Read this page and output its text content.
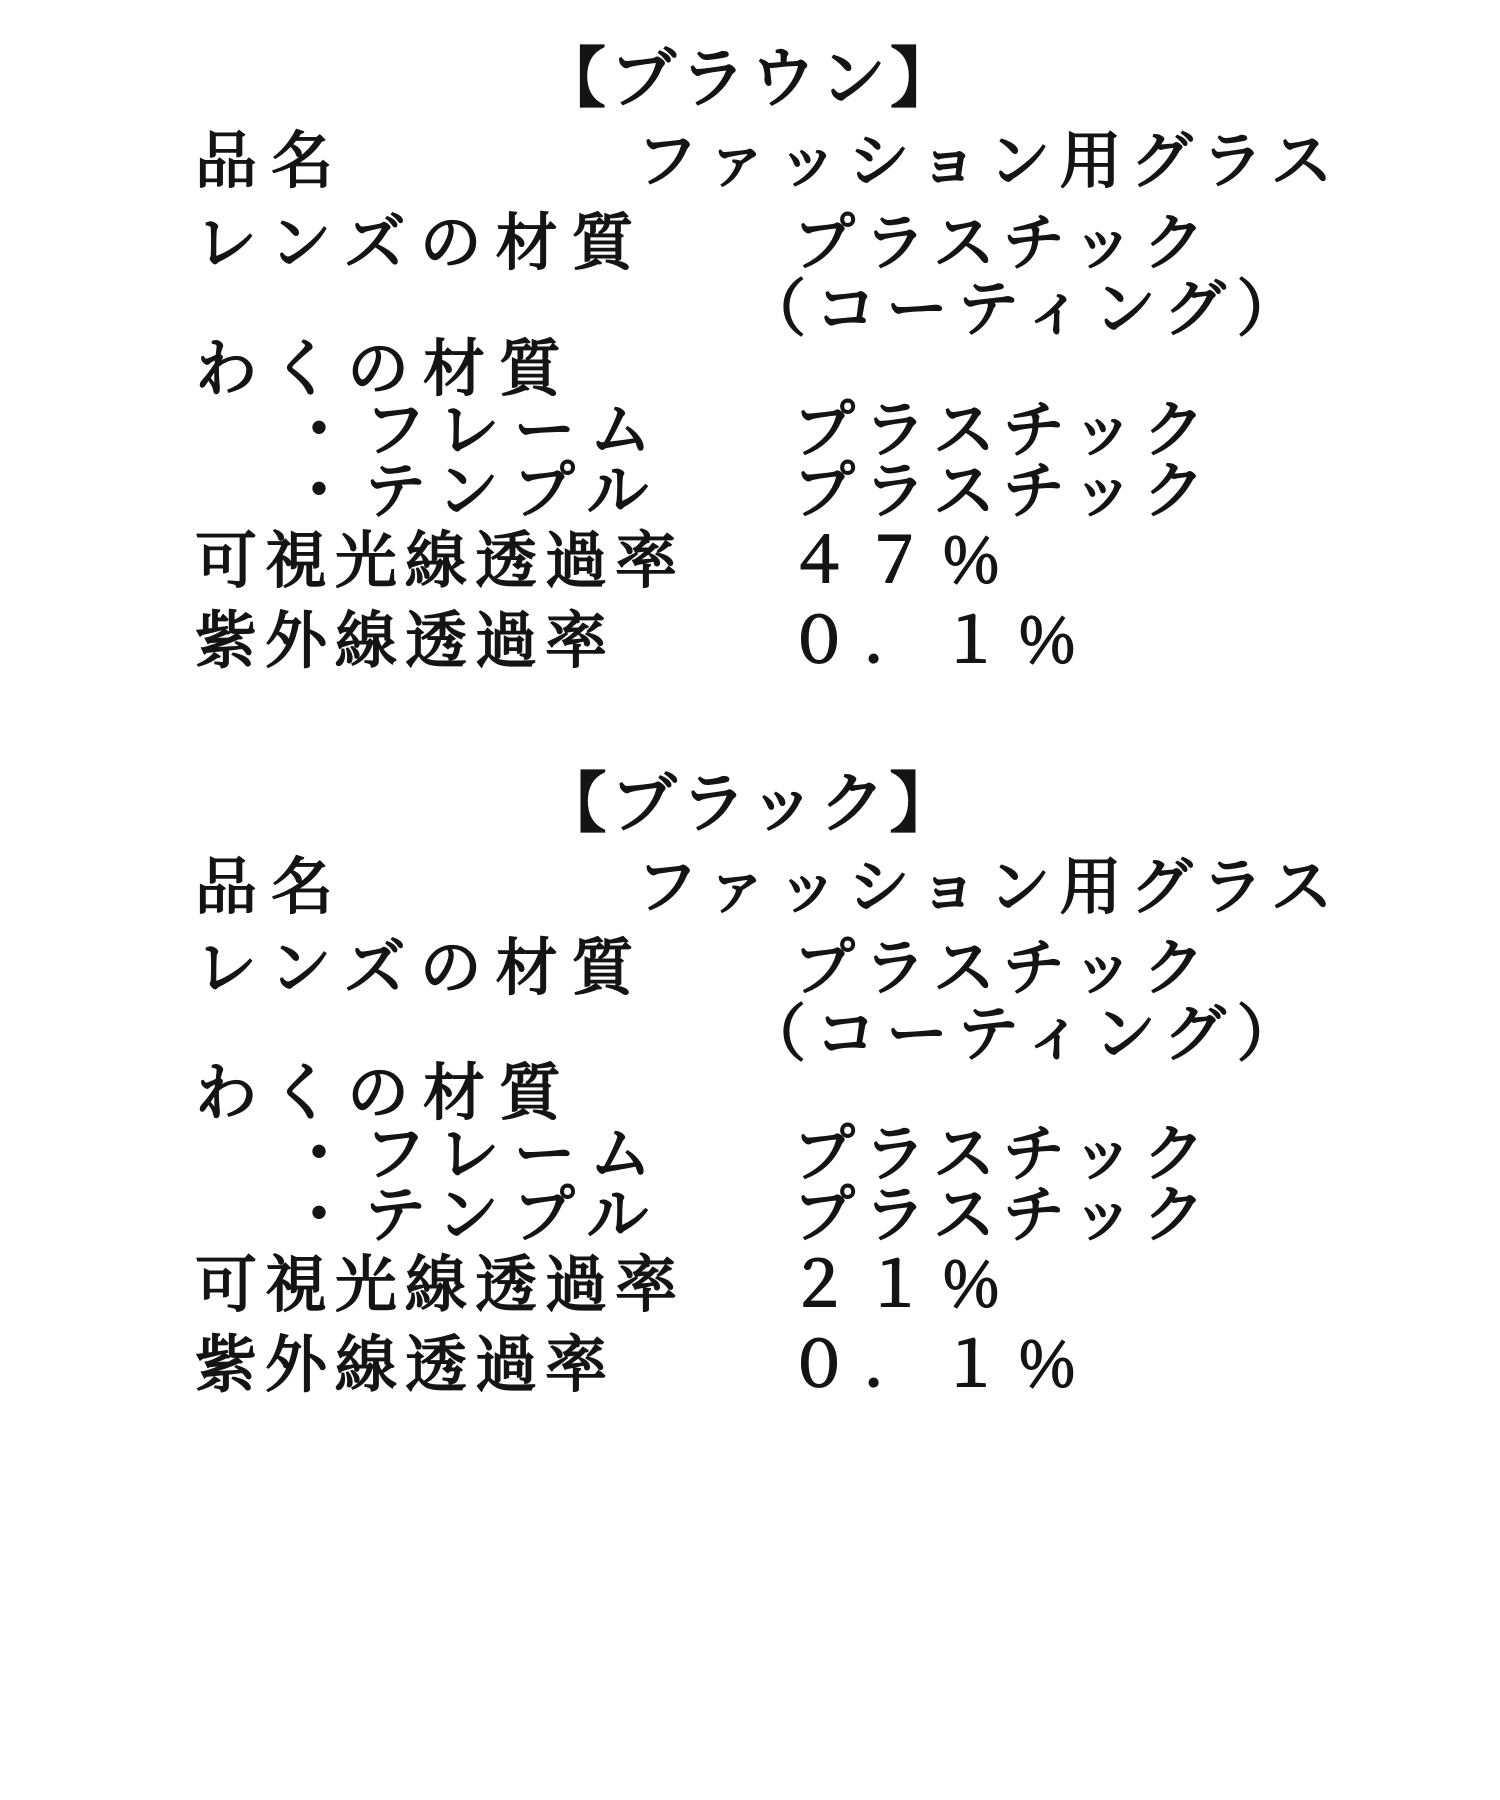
【ブラウン】
品名	ファッション用グラス
レンズの材質 プラスチック
（コーティング）
わくの材質
・フレーム プラスチック
・テンプル プラスチック
可視光線透過率 ４７％
紫外線透過率	０．１％
【ブラック】
品名	ファッション用グラス
レンズの材質 プラスチック
（コーティング）
わくの材質
・フレーム プラスチック
・テンプル プラスチック
可視光線透過率 ２１％
紫外線透過率	０．１％
